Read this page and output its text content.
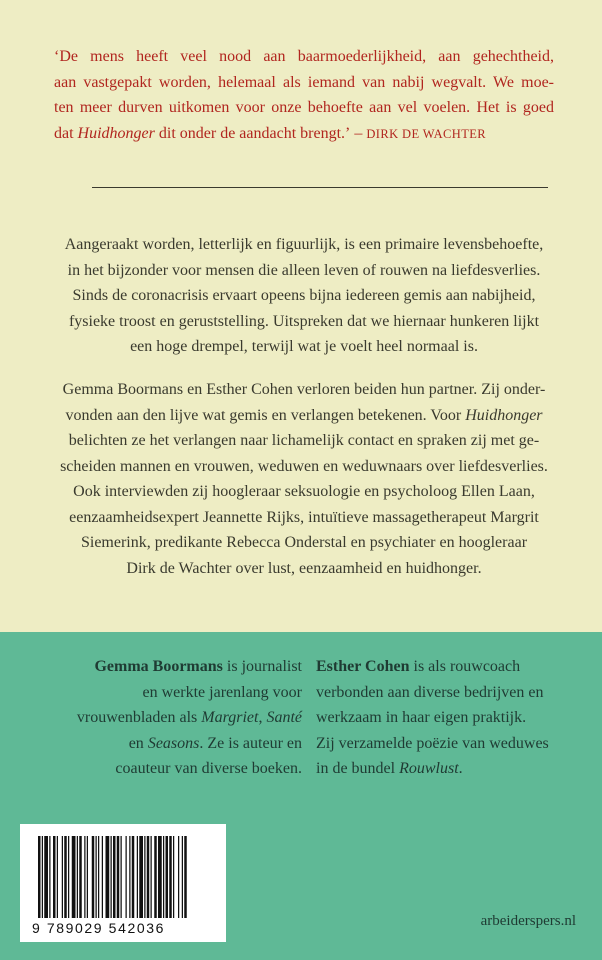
‘De mens heeft veel nood aan baarmoederlijkheid, aan gehechtheid,
aan vastgepakt worden, helemaal als iemand van nabij wegvalt. We moe-
ten meer durven uitkomen voor onze behoefte aan vel voelen. Het is goed
dat Huidhonger dit onder de aandacht brengt.’ – DIRK DE WACHTER
Aangeraakt worden, letterlijk en figuurlijk, is een primaire levensbehoefte,
in het bijzonder voor mensen die alleen leven of rouwen na liefdesverlies.
Sinds de coronacrisis ervaart opeens bijna iedereen gemis aan nabijheid,
fysieke troost en geruststelling. Uitspreken dat we hiernaar hunkeren lijkt
een hoge drempel, terwijl wat je voelt heel normaal is.
Gemma Boormans en Esther Cohen verloren beiden hun partner. Zij onder-
vonden aan den lijve wat gemis en verlangen betekenen. Voor Huidhonger
belichten ze het verlangen naar lichamelijk contact en spraken zij met ge-
scheiden mannen en vrouwen, weduwen en weduwnaars over liefdesverlies.
Ook interviewden zij hoogleraar seksuologie en psycholoog Ellen Laan,
eenzaamheidsexpert Jeannette Rijks, intuïtieve massagetherapeut Margrit
Siemerink, predikante Rebecca Onderstal en psychiater en hoogleraar
Dirk de Wachter over lust, eenzaamheid en huidhonger.
Gemma Boormans is journalist
en werkte jarenlang voor
vrouwenbladen als Margriet, Santé
en Seasons. Ze is auteur en
coauteur van diverse boeken.
Esther Cohen is als rouwcoach
verbonden aan diverse bedrijven en
werkzaam in haar eigen praktijk.
Zij verzamelde poëzie van weduwes
in de bundel Rouwlust.
9 789029 542036	arbeiderspers.nl
